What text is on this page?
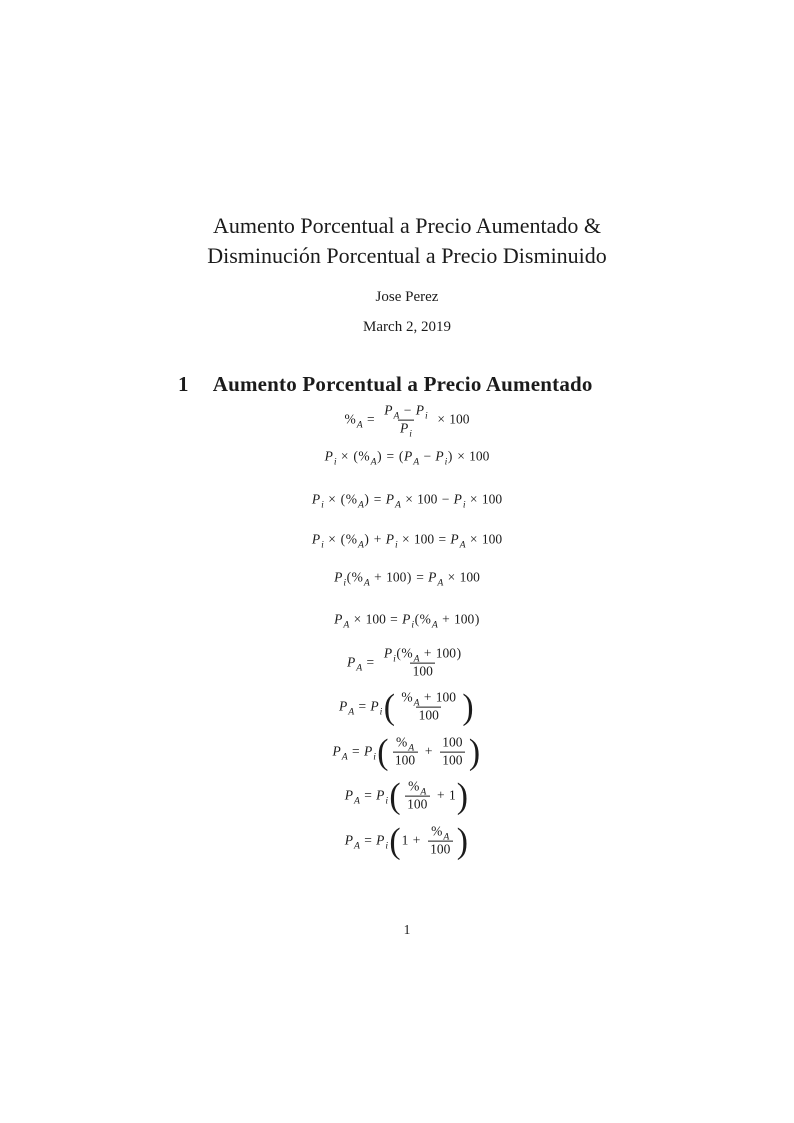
Aumento Porcentual a Precio Aumentado &
Disminución Porcentual a Precio Disminuido
Jose Perez
March 2, 2019
1 Aumento Porcentual a Precio Aumentado
% $A = \frac{\text{P A − P i}}{\text{P i}} \times 100$
P i × ( % A ) = ( P A − P i ) × 100
P i × ( % A ) = P A × 100 − P i × 100
P i × ( % A ) + P i × 100 = P A × 100
P i ( % A + 100 ) = P A × 100
P A × 100 = P i ( % A + 100 )
P $A = \frac{\text{P i ( \% A + 100 )}}{100}$
P A = P i ( $\frac{\% A + 100}{100}$ )
P A = P i ( $\frac{\% A}{100} + \frac{100}{100}$ )
P A = P i ( $\frac{\% A}{100} + 1$ )
P A = P i ( $1 + \frac{\% A}{100}$ )
1
